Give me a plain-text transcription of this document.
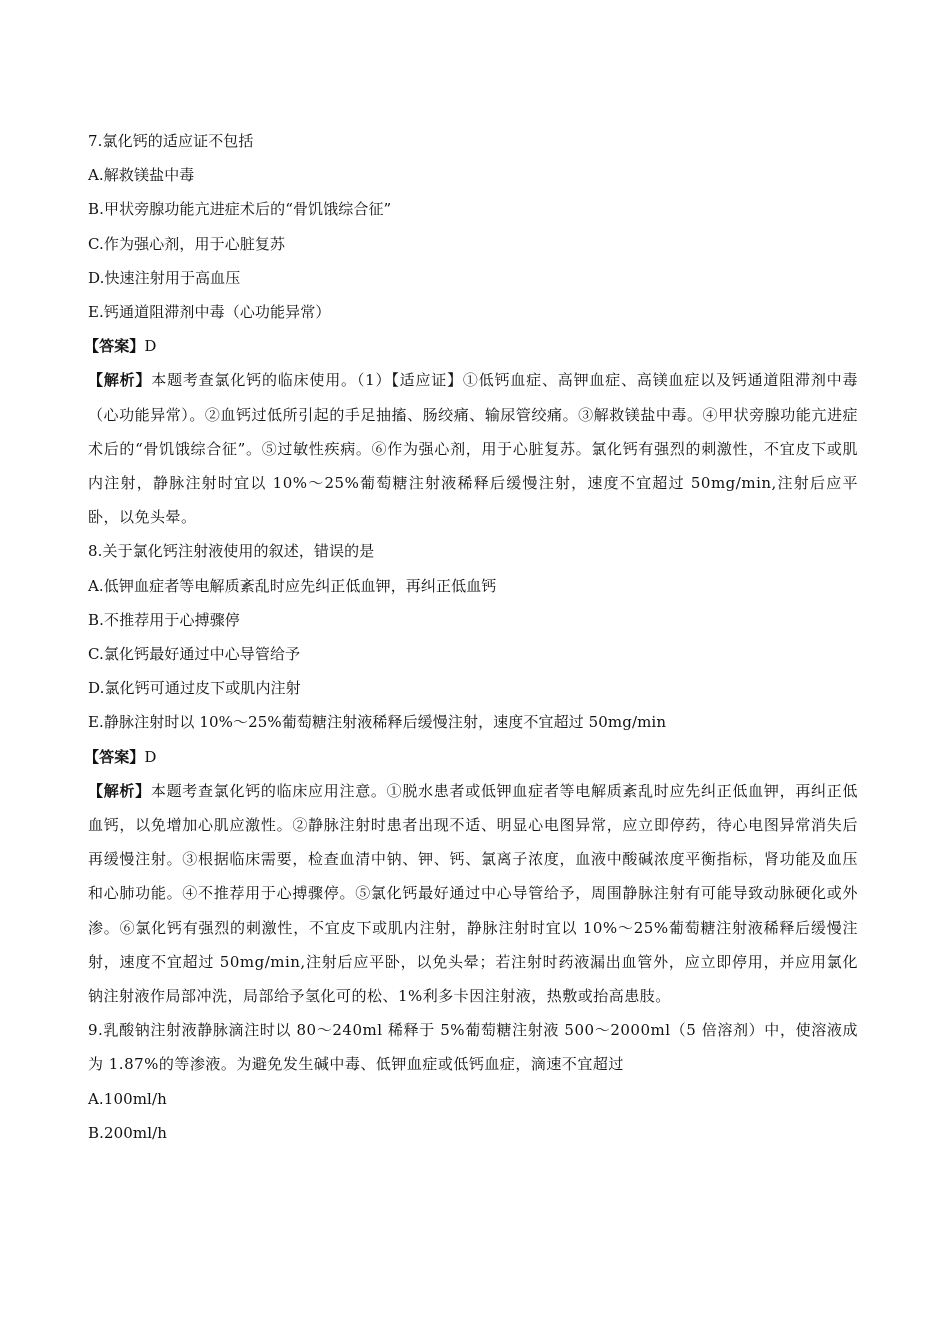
7.氯化钙的适应证不包括
A.解救镁盐中毒
B.甲状旁腺功能亢进症术后的“骨饥饿综合征”
C.作为强心剂，用于心脏复苏
D.快速注射用于高血压
E.钙通道阻滞剂中毒（心功能异常）
【答案】D
【解析】本题考查氯化钙的临床使用。（1）【适应证】①低钙血症、高钾血症、高镁血症以及钙通道阻滞剂中毒（心功能异常）。②血钙过低所引起的手足抽搐、肠绞痛、输尿管绞痛。③解救镁盐中毒。④甲状旁腺功能亢进症术后的“骨饥饿综合征”。⑤过敏性疾病。⑥作为强心剂，用于心脏复苏。氯化钙有强烈的刺激性，不宜皮下或肌内注射，静脉注射时宜以 10%～25%葡萄糖注射液稀释后缓慢注射，速度不宜超过 50mg/min,注射后应平卧，以免头晕。
8.关于氯化钙注射液使用的叙述，错误的是
A.低钾血症者等电解质紊乱时应先纠正低血钾，再纠正低血钙
B.不推荐用于心搏骤停
C.氯化钙最好通过中心导管给予
D.氯化钙可通过皮下或肌内注射
E.静脉注射时以 10%～25%葡萄糖注射液稀释后缓慢注射，速度不宜超过 50mg/min
【答案】D
【解析】本题考查氯化钙的临床应用注意。①脱水患者或低钾血症者等电解质紊乱时应先纠正低血钾，再纠正低血钙，以免增加心肌应激性。②静脉注射时患者出现不适、明显心电图异常，应立即停药，待心电图异常消失后再缓慢注射。③根据临床需要，检查血清中钠、钾、钙、氯离子浓度，血液中酸碱浓度平衡指标，肾功能及血压和心肺功能。④不推荐用于心搏骤停。⑤氯化钙最好通过中心导管给予，周围静脉注射有可能导致动脉硬化或外渗。⑥氯化钙有强烈的刺激性，不宜皮下或肌内注射，静脉注射时宜以 10%～25%葡萄糖注射液稀释后缓慢注射，速度不宜超过 50mg/min,注射后应平卧，以免头晕；若注射时药液漏出血管外，应立即停用，并应用氯化钠注射液作局部冲洗，局部给予氢化可的松、1%利多卡因注射液，热敷或抬高患肢。
9.乳酸钠注射液静脉滴注时以 80～240ml 稀释于 5%葡萄糖注射液 500～2000ml（5 倍溶剂）中，使溶液成为 1.87%的等渗液。为避免发生碱中毒、低钾血症或低钙血症，滴速不宜超过
A.100ml/h
B.200ml/h
